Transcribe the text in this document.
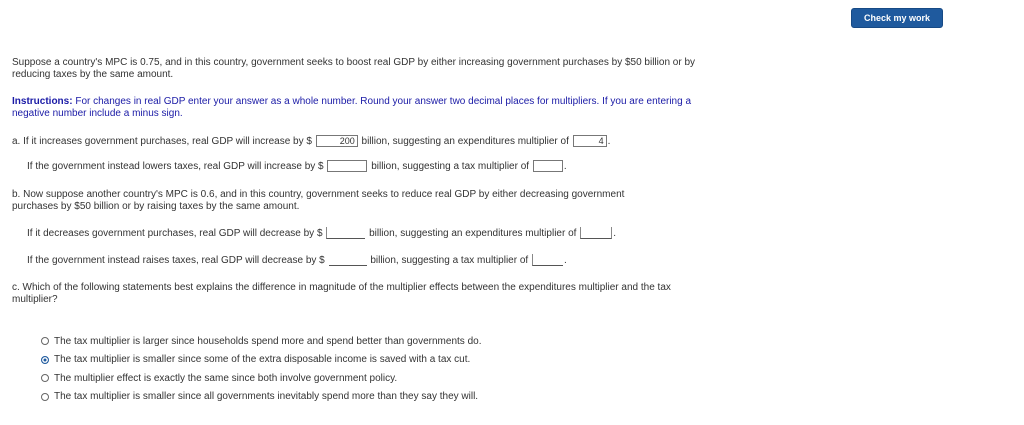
Check my work

Suppose a country's MPC is 0.75, and in this country, government seeks to boost real GDP by either increasing government purchases by $50 billion or by reducing taxes by the same amount.

Instructions: For changes in real GDP enter your answer as a whole number. Round your answer two decimal places for multipliers. If you are entering a negative number include a minus sign.

a. If it increases government purchases, real GDP will increase by $	200 billion, suggesting an expenditures multiplier of	4 .
If the government instead lowers taxes, real GDP will increase by $	billion, suggesting a tax multiplier of	.

b. Now suppose another country's MPC is 0.6, and in this country, government seeks to reduce real GDP by either decreasing government purchases by $50 billion or by raising taxes by the same amount.

If it decreases government purchases, real GDP will decrease by $	billion, suggesting an expenditures multiplier of	.
If the government instead raises taxes, real GDP will decrease by $	billion, suggesting a tax multiplier of	.

c. Which of the following statements best explains the difference in magnitude of the multiplier effects between the expenditures multiplier and the tax multiplier?

The tax multiplier is larger since households spend more and spend better than governments do.
The tax multiplier is smaller since some of the extra disposable income is saved with a tax cut.
The multiplier effect is exactly the same since both involve government policy.
The tax multiplier is smaller since all governments inevitably spend more than they say they will.
